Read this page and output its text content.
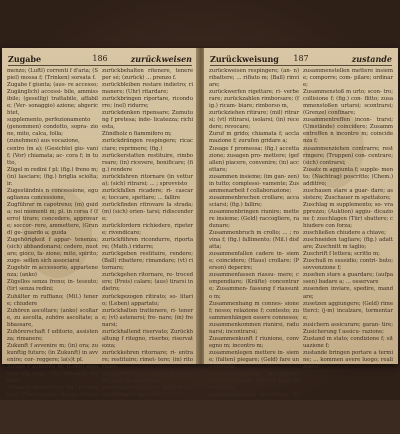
Zugabe	186	zurückweisen

menzo; (Luftl) correnti f d'aria; (Spiel) mossa f; (Trinken) sorsata f.

Zugabe f giunta; (aus- re accesso; Zugänglich) accessi- bile, ammissibile; (gesellig) trattabile, affabile; (Ver- sonaggio) azione; abgerichtet,

supplemento, perfezionamento

(genommen) condotto, sopra- zione, mito, calca, folla;

(zunehmen) aus vocazione,

centro (m a); (Gesichte) gio- vani f; (Vor) chiamata; ac- cora f; in tutto,

Zügel m redini f pl; (fig.) freno m; (in) lasciare; (fig.) briglia sciolta; ir.

Zugeständnis n concessione, eguaglianza concessione,

Zugführer m capotreno; (m) guida; nei momenti m; pl. in corsa f (ferro) tirare; concedere, approvare; soccor- rere, ammettere, (Grund) ge- guardo a; guida

Zugehörigkeit f appar- tenenza; (sich) abbandonarsi; cedere, nuotare; gioco, fa- zione; mito, spirito; zuge- sellen sich associarsi

Zugehör m accessorio, appartenenza; (anko)

Zügellos senza freno; in- tessuto; (tir) senza redini;

Zuhälter m ruffiano; (Mil.) tenere; chiudere

Zuhören ascoltare; (anko) scoltare, zu ascolta, zuhöre ascoltate; abbassare,

Zuhörerschaft f uditorio, assistenza; rimanere;

Zukunft f avvenire m; (in) ora; zukunftig futuro; (in Zukunft) in avvenire; cor- reggere; la(s)t pl.

Zulage f aumento m; (Lohn) aggiunta alla paga; (Vor) lanciare, mettere;

Zulassen ammettere; (mi) permettere; (Tür) lasciare chiuso; tollerare;

zulässig ammissibile, per- messo; zulässig lecito; Zulassung ammissione f; ... tentativo; ... per amore di; suo compiacere

zurückbehalten ritenere, tenere per sé; (zurück) ... prenzo f.

zurückbleiben restare indietro; rimanere; (Uhr) ritardare;

zurückbringen riportare, ricondurre; (nel) ridurre;

zurückdenken ripensare; Zumutung f pretesa; inde- licatezza; richiesta,

Zündholz n fiammifero m;

zurückdrängen respingere; ricacciare; reprimere; (fig.)

zurückerstatten restituire, rimborsare; (in) ricevere, bonificare; (fig.) rendere

zurückfahren ritornare (in vettura); (sich) ritrarsi; ... ; sprovvisto

zurückfallen ricadere; ri- cascare; toccare, spettare; ... fallire

zurückfinden ritrovare la strada; (m) (sich) orien- tarsi; ridiscendere;

zurückfordern richiedere, ripetere; rivendicare;

zurückführen ricondurre, riportare; (Math.) ridurre;

zurückgeben restituire, rendere; (Ball) ribattere; rimandare; (vt) ritornare;

zurückgehen ritornare, re- trocedere; (Preis) calare; (aus) tirarsi indietro;

zurückgezogen ritirato; so- litario; (Leben) appartato;

zurückhalten trattenere, ri- tenere; (vt) astenersi; fre- nare; (in) frenarsi;

zurückhaltend riservato; Zurückhaltung f ritegno, riserbo; riservatezza;

zurückkehren ritornare; ri- entrare; restituire; rimet- tere; (in) ritornare;

zurückkommen tornare; ri- tornare; (auf) ritornare su;

zurücklassen lasciare indie- tro; abbandonare; lasciare;

zurücklegen mettere da parte; (Weg) percorrere;

Zurückweisung 187	zustande

zurückweisen respingere; (an- n) ribattere; ... rifiuto m; (Ball) rinviare;

zurückwerfen rigettare; ri- verberare; zurückzahlen rimborsare; (fig.) ricam- biare; rimborso m,

zurückziehen ritirare; (mil) ritrarsi; (vt) ritirarsi, isolarsi; (in) recedere; revocare;

Zuruf m grido; chiamata f; acclamazione f; zurufen gridare a;

Zusage f promessa; (fig.) accettazione; zusagen pro- mettere; (gefallen) piacere, convenire; (in) accettare;

zusammen insieme; (im gan- zen) in tutto; complessi- vamente; Zusammenarbeit f collaborazione;

zusammenbrechen crollare; accasciarsi; (fig.) fallire;

zusammenbringen riunire; mettere insieme; (Geld) raccogliere, radunare;

Zusammenbruch m crollo; ... ; rovina f; (fig.) fallimento; (Mil.) disfatta;

zusammenfallen cadere in- sieme; coincidere; (Haus) crollare; (Person) deperire;

zusammenfassen riassu- mere; compendiare; (Kräfte) concentrare; Zusammen- fassung f riassunto m;

Zusammenhang m connes- sione f; nesso; relazione f; contesto; zusammenhängen essere connesso;

zusammenkommen riunirsi, radunarsi; incontrarsi;

Zusammenkunft f riunione, convegno m; incontro m;

zusammenlegen mettere in- sieme; (falten) piegare; (Geld) fare una colletta;

zusammennehmen raccogliere; (sich) dominarsi, control- larsi; farsi animo;

zusammenpassen accordarsi, armonizzare; stare bene in- sieme; ... mente

zusammensetzen comporre; mettere insieme; (sich) se- dersi insieme;

zusammenstellen mettere insieme; comporre; com- pilare; ordinare;

Zusammenstoß m urto; scon- tro; collisione f; (fig.) con- flitto; zusammenstoßen urtarsi; scontrarsi; (Grenze) confinare;

zusammentreffen incon- trarsi; (Umstände) coincidere; Zusammentreffen n incontro m; coincidenza f;

zusammenziehen contrarre; restringere; (Truppen) con- centrare; (sich) contrarsi;

Zusatz m aggiunta f; supple- mento; (Nachtrag) poscritto; (Chem.) additivo;

zuschauen stare a guar- dare; assistere; Zuschauer m spettatore;

Zuschlag m supplemento; so- vrapprezzo; (Auktion) aggiu- dicazione f; zuschlagen (Tür) sbattere; chiudere con forza;

zuschließen chiudere a chiave;

zuschneiden tagliare; (fig.) adattare; Zuschnitt m taglio;

Zuschrift f lettera; scritto m;

Zuschuß m sussidio; contri- buto; sovvenzione f;

zusehen stare a guardare; (aufpassen) badare a; ... osservare

zusenden inviare, spedire, mandare;

zusetzen aggiungere; (Geld) rimetterci; (j-m) incalzare, tormentare;

zusichern assicurare; garan- tire; Zusicherung f assicu- razione;

Zustand m stato; condizione f; situazione f;

zustande bringen portare a termine; ... kommen avere luogo; realizzarsi;
